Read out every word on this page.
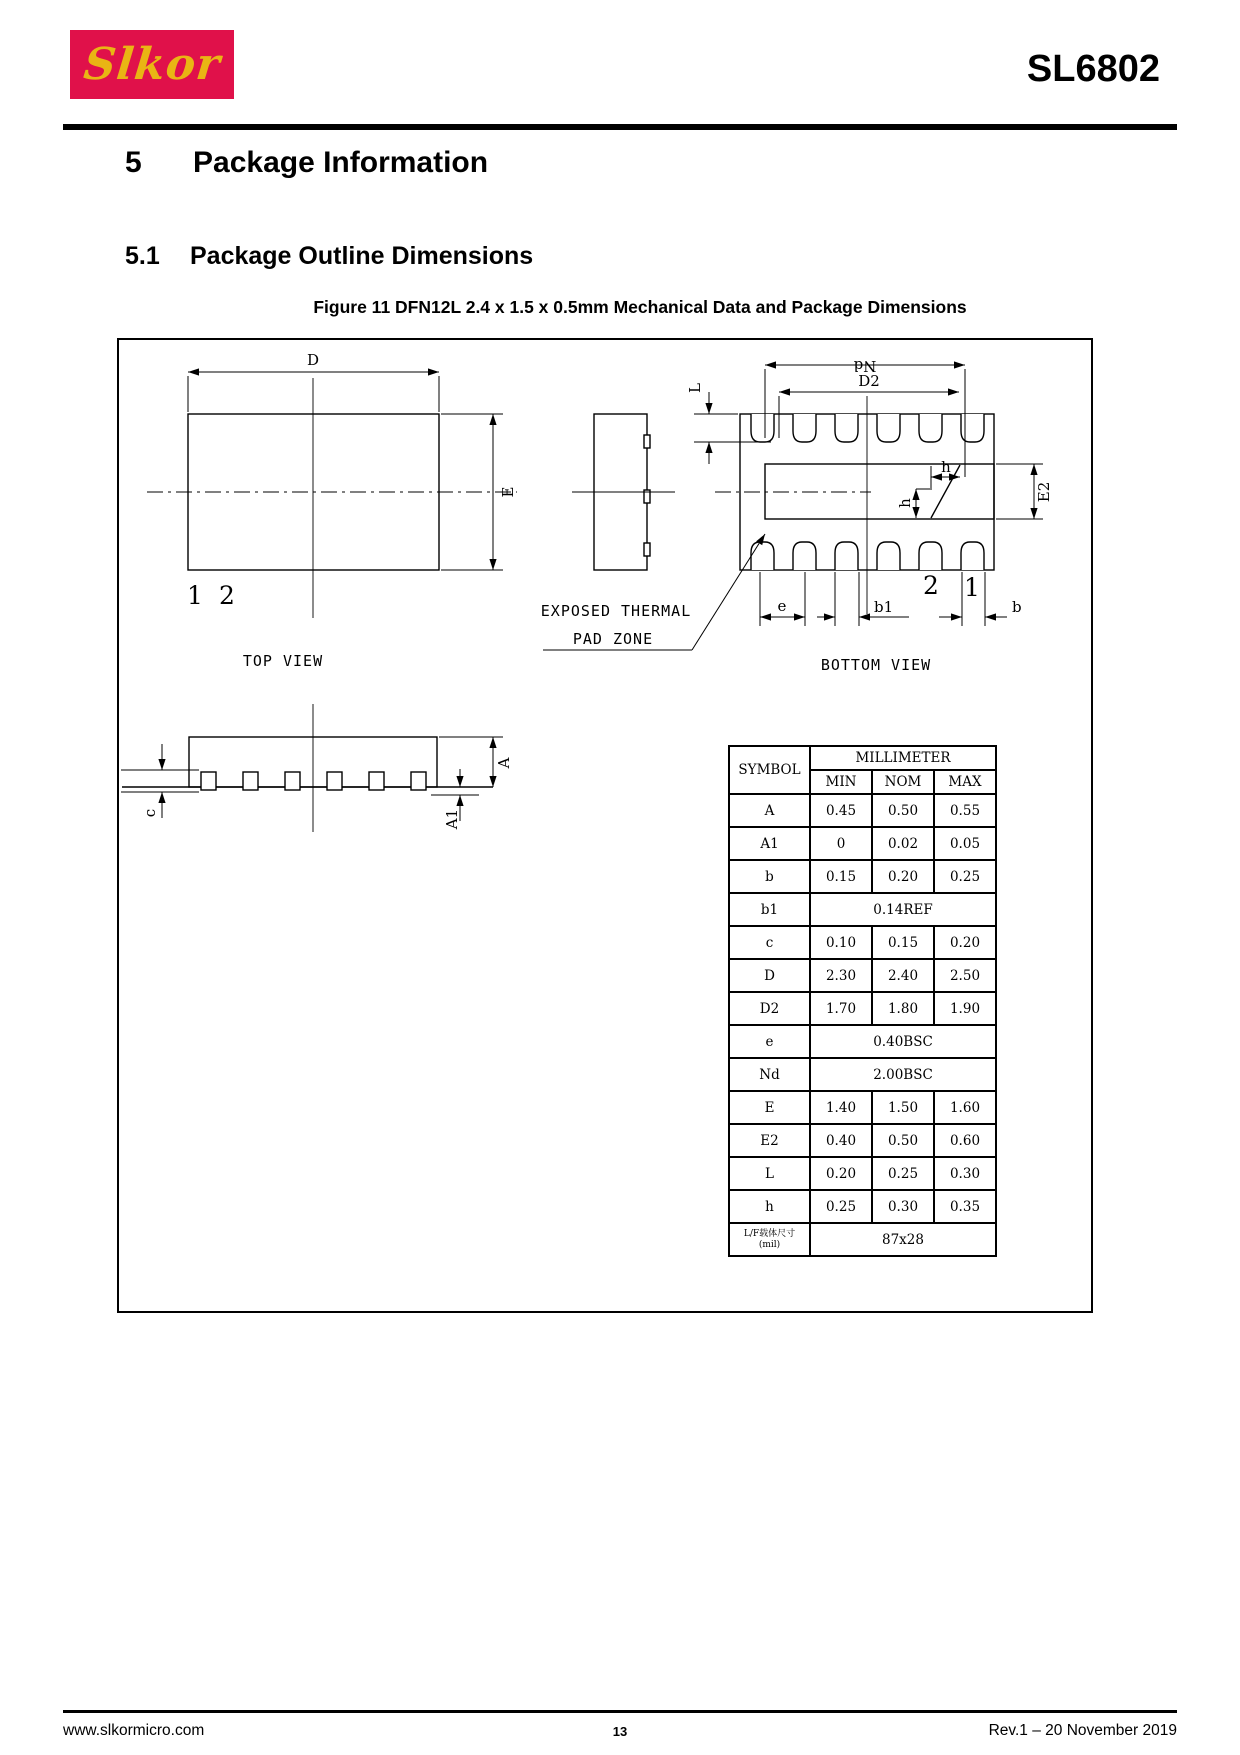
Slkor	SL6802
5 Package Information
5.1 Package Outline Dimensions
Figure 11 DFN12L 2.4 x 1.5 x 0.5mm Mechanical Data and Package Dimensions
D
E
1 2
TOP VIEW
Nd
D2
L
h
h
E2
e	b1	b
2 1
EXPOSED THERMAL
PAD ZONE
BOTTOM VIEW
c
A
A1
SYMBOL	MILLIMETER		
	MIN	NOM	MAX
A	0.45	0.50	0.55
A1	0	0.02	0.05
b	0.15	0.20	0.25
b1	0.14REF		
c	0.10	0.15	0.20
D	2.30	2.40	2.50
D2	1.70	1.80	1.90
e	0.40BSC		
Nd	2.00BSC		
E	1.40	1.50	1.60
E2	0.40	0.50	0.60
L	0.20	0.25	0.30
h	0.25	0.30	0.35

L/F载体尺寸
(mil)	87x28		
www.slkormicro.com	13	Rev.1 – 20 November 2019
